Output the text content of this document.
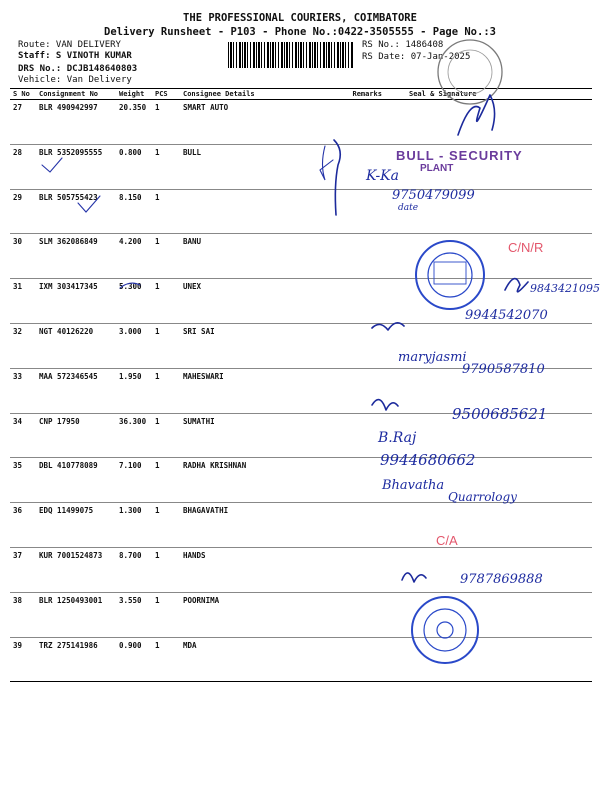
THE PROFESSIONAL COURIERS, COIMBATORE
Delivery Runsheet - P103 - Phone No.:0422-3505555 - Page No.:3
Route: VAN DELIVERY
Staff: S VINOTH KUMAR
DRS No.: DCJB148640803
Vehicle: Van Delivery
RS No.: 1486408
RS Date: 07-Jan-2025
S No	Consignment No	Weight	PCS	Consignee Details	Remarks	Seal & Signature
27	BLR 490942997	20.350	1	SMART AUTO		
28	BLR 5352095555	0.800	1	BULL		
29	BLR 505755423	8.150	1			
30	SLM 362086849	4.200	1	BANU		
31	IXM 303417345	5.300	1	UNEX		
32	NGT 40126220	3.000	1	SRI SAI		
33	MAA 572346545	1.950	1	MAHESWARI		
34	CNP 17950	36.300	1	SUMATHI		
35	DBL 410778089	7.100	1	RADHA KRISHNAN		
36	EDQ 11499075	1.300	1	BHAGAVATHI		
37	KUR 7001524873	8.700	1	HANDS		
38	BLR 1250493001	3.550	1	POORNIMA		
39	TRZ 275141986	0.900	1	MDA		
BULL - SECURITY
PLANT
K-Ka
9750479099
date
C/N/R
9843421095
9944542070
maryjasmi
9790587810
9500685621
B.Raj
9944680662
Bhavatha
Quarrology
C/A
9787869888
